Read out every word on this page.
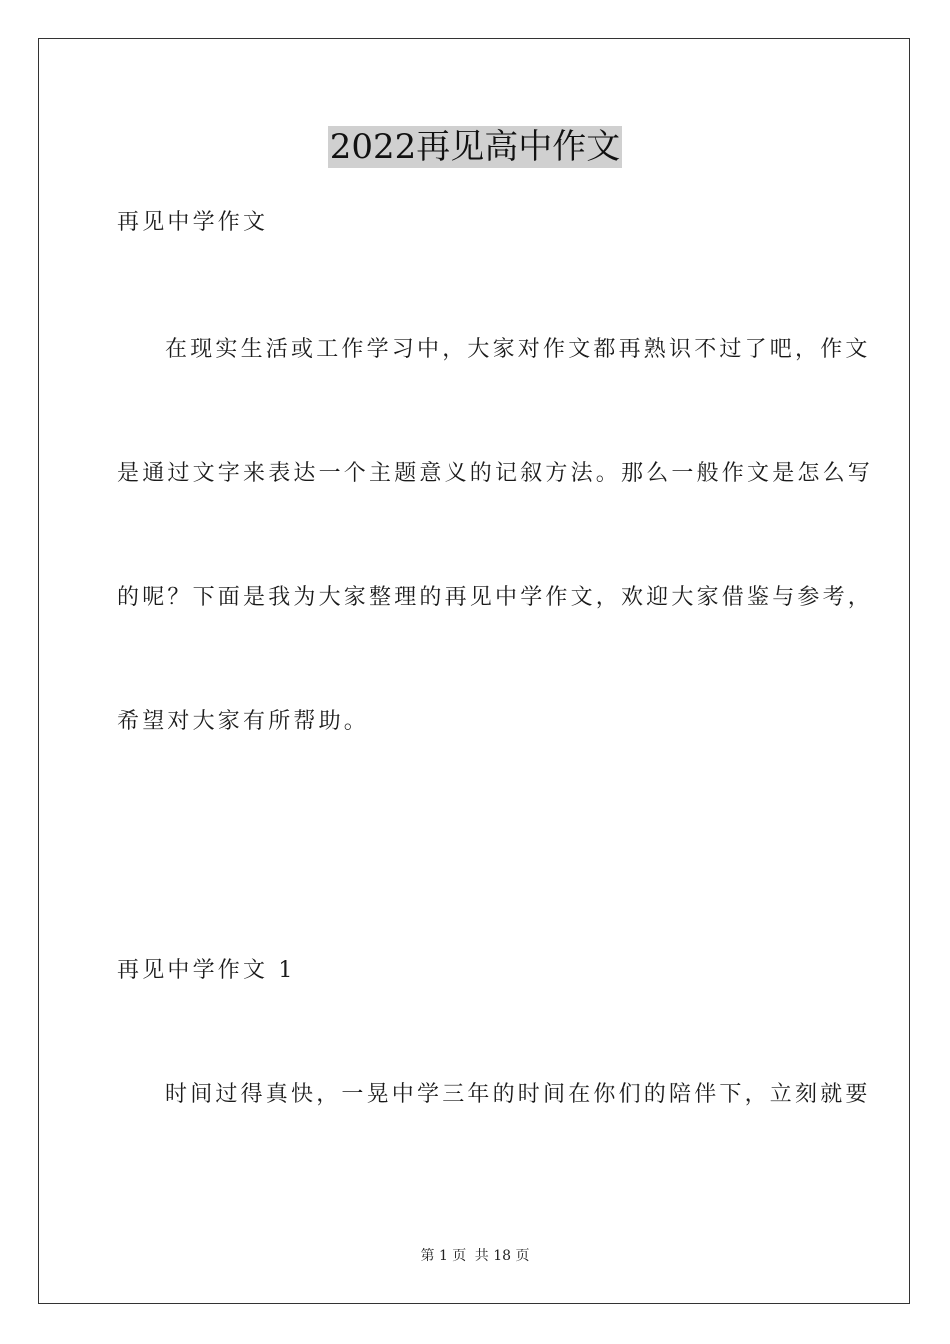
2022再见高中作文
再见中学作文
在现实生活或工作学习中，大家对作文都再熟识不过了吧，作文
是通过文字来表达一个主题意义的记叙方法。那么一般作文是怎么写
的呢？下面是我为大家整理的再见中学作文，欢迎大家借鉴与参考，
希望对大家有所帮助。
再见中学作文 1
时间过得真快，一晃中学三年的时间在你们的陪伴下，立刻就要
第 1 页 共 18 页
